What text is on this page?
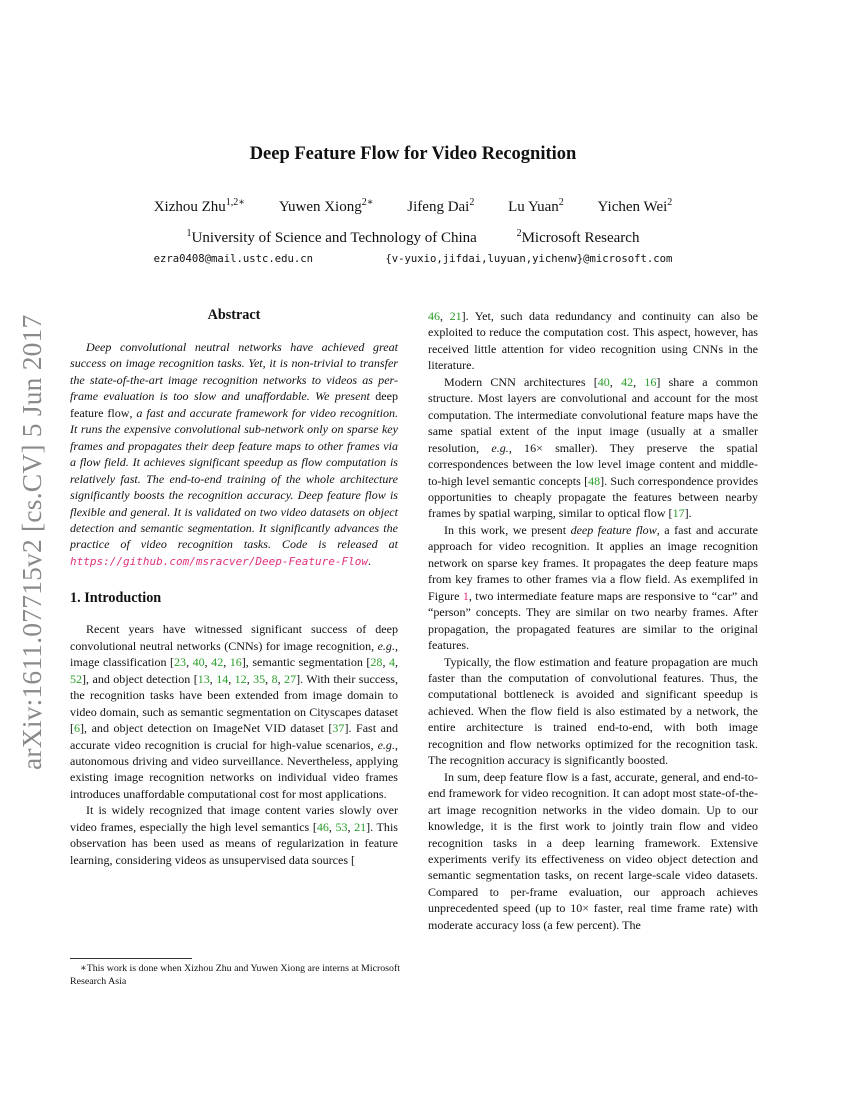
arXiv:1611.07715v2 [cs.CV] 5 Jun 2017
Deep Feature Flow for Video Recognition
Xizhou Zhu$^{1,2∗}$ Yuwen Xiong$^{2∗}$ Jifeng Dai$^2$ Lu Yuan$^2$ Yichen Wei$^2$
$^1$University of Science and Technology of China	$^2$Microsoft Research
ezra0408@mail.ustc.edu.cn	{v-yuxio,jifdai,luyuan,yichenw}@microsoft.com
Abstract

Deep convolutional neutral networks have achieved great success on image recognition tasks. Yet, it is non-trivial to transfer the state-of-the-art image recognition networks to videos as per-frame evaluation is too slow and unaffordable. We present deep feature flow, a fast and accurate framework for video recognition. It runs the expensive convolutional sub-network only on sparse key frames and propagates their deep feature maps to other frames via a flow field. It achieves significant speedup as flow computation is relatively fast. The end-to-end training of the whole architecture significantly boosts the recognition accuracy. Deep feature flow is flexible and general. It is validated on two video datasets on object detection and semantic segmentation. It significantly advances the practice of video recognition tasks. Code is released at https://github.com/msracver/Deep-Feature-Flow.

1. Introduction

Recent years have witnessed significant success of deep convolutional neutral networks (CNNs) for image recognition, e.g., image classification [23, 40, 42, 16], semantic segmentation [28, 4, 52], and object detection [13, 14, 12, 35, 8, 27]. With their success, the recognition tasks have been extended from image domain to video domain, such as semantic segmentation on Cityscapes dataset [6], and object detection on ImageNet VID dataset [37]. Fast and accurate video recognition is crucial for high-value scenarios, e.g., autonomous driving and video surveillance. Nevertheless, applying existing image recognition networks on individual video frames introduces unaffordable computational cost for most applications.

It is widely recognized that image content varies slowly over video frames, especially the high level semantics [46, 53, 21]. This observation has been used as means of regularization in feature learning, considering videos as unsupervised data sources [

46, 21]. Yet, such data redundancy and continuity can also be exploited to reduce the computation cost. This aspect, however, has received little attention for video recognition using CNNs in the literature.

Modern CNN architectures [40, 42, 16] share a common structure. Most layers are convolutional and account for the most computation. The intermediate convolutional feature maps have the same spatial extent of the input image (usually at a smaller resolution, e.g., 16× smaller). They preserve the spatial correspondences between the low level image content and middle-to-high level semantic concepts [48]. Such correspondence provides opportunities to cheaply propagate the features between nearby frames by spatial warping, similar to optical flow [17].

In this work, we present deep feature flow, a fast and accurate approach for video recognition. It applies an image recognition network on sparse key frames. It propagates the deep feature maps from key frames to other frames via a flow field. As exemplifed in Figure 1, two intermediate feature maps are responsive to “car” and “person” concepts. They are similar on two nearby frames. After propagation, the propagated features are similar to the original features.

Typically, the flow estimation and feature propagation are much faster than the computation of convolutional features. Thus, the computational bottleneck is avoided and significant speedup is achieved. When the flow field is also estimated by a network, the entire architecture is trained end-to-end, with both image recognition and flow networks optimized for the recognition task. The recognition accuracy is significantly boosted.

In sum, deep feature flow is a fast, accurate, general, and end-to-end framework for video recognition. It can adopt most state-of-the-art image recognition networks in the video domain. Up to our knowledge, it is the first work to jointly train flow and video recognition tasks in a deep learning framework. Extensive experiments verify its effectiveness on video object detection and semantic segmentation tasks, on recent large-scale video datasets. Compared to per-frame evaluation, our approach achieves unprecedented speed (up to 10× faster, real time frame rate) with moderate accuracy loss (a few percent). The

∗This work is done when Xizhou Zhu and Yuwen Xiong are interns at Microsoft Research Asia
